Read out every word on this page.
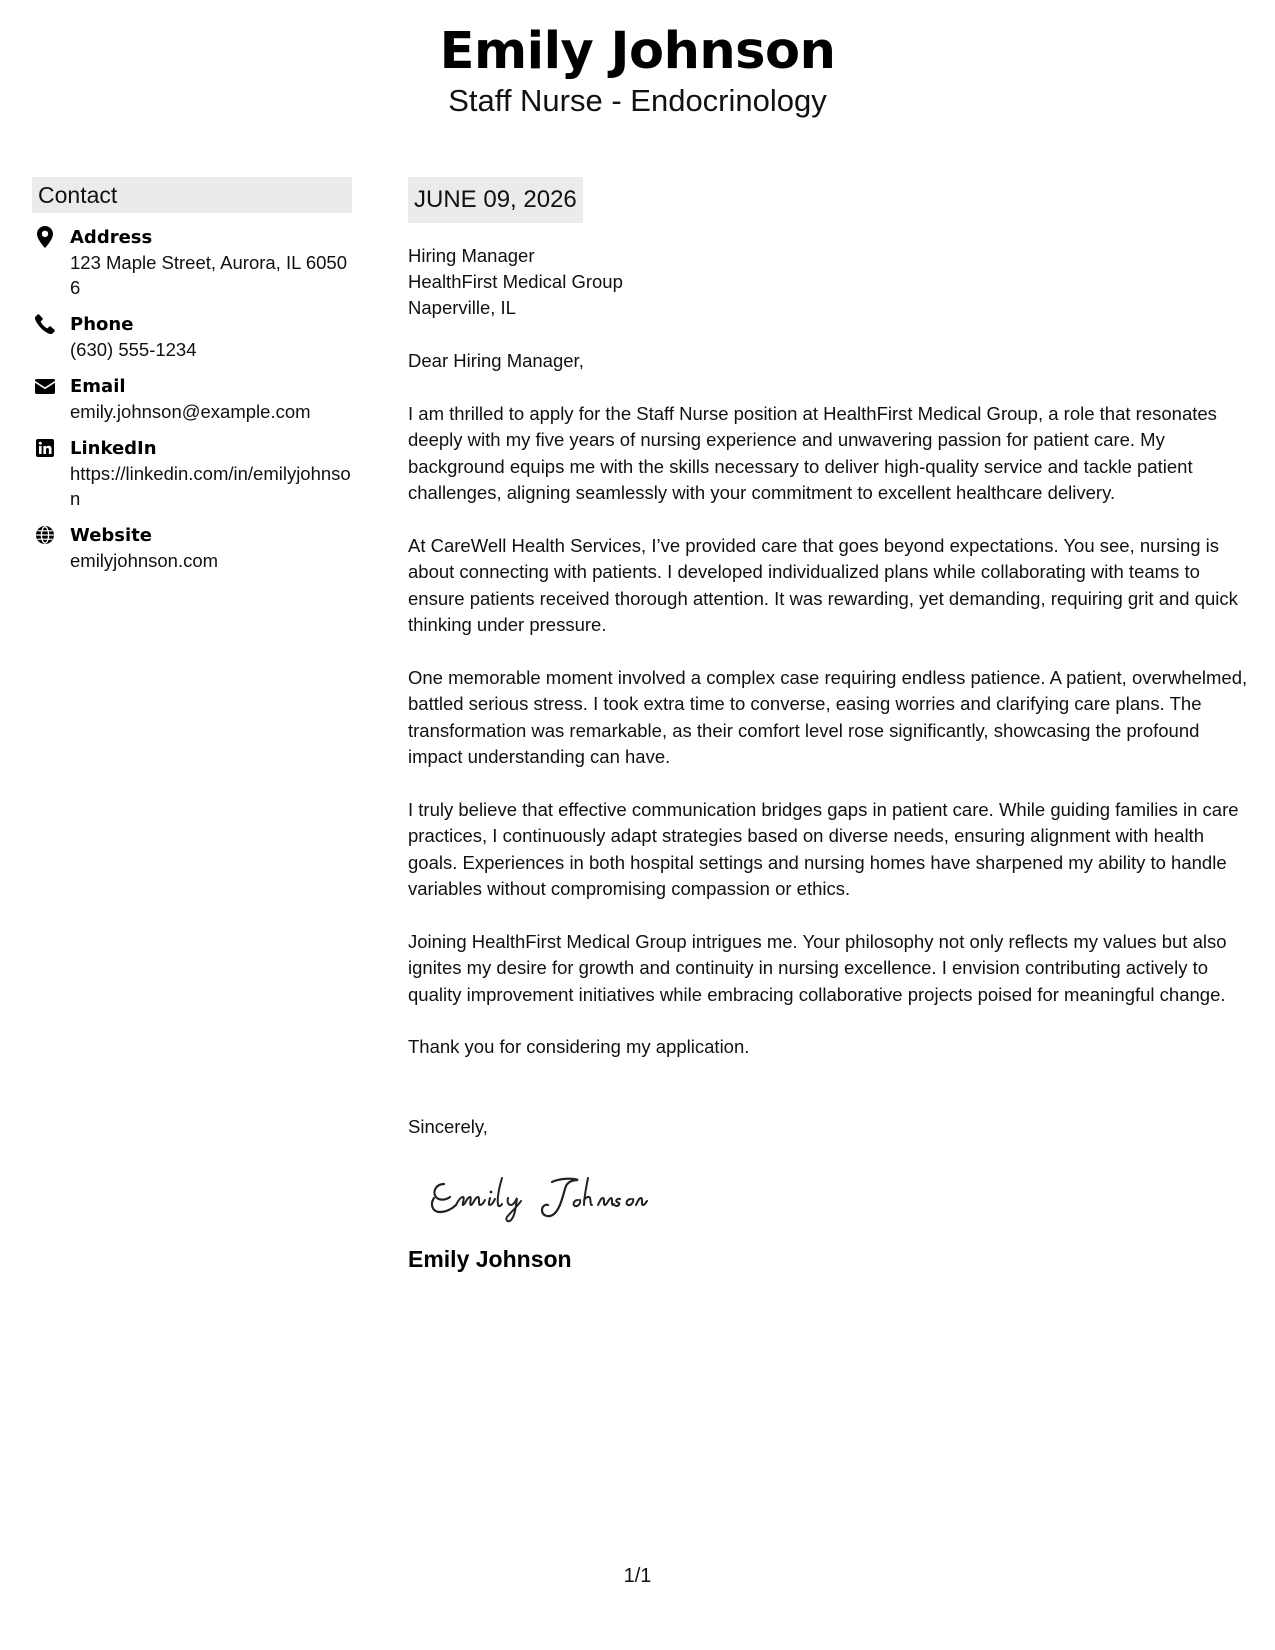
Emily Johnson
Staff Nurse - Endocrinology
Contact
Address
123 Maple Street, Aurora, IL 60506
Phone
(630) 555-1234
Email
emily.johnson@example.com
LinkedIn
https://linkedin.com/in/emilyjohnson
Website
emilyjohnson.com
JUNE 09, 2026
Hiring Manager
HealthFirst Medical Group
Naperville, IL
Dear Hiring Manager,
I am thrilled to apply for the Staff Nurse position at HealthFirst Medical Group, a role that resonates deeply with my five years of nursing experience and unwavering passion for patient care. My background equips me with the skills necessary to deliver high-quality service and tackle patient challenges, aligning seamlessly with your commitment to excellent healthcare delivery.
At CareWell Health Services, I’ve provided care that goes beyond expectations. You see, nursing is about connecting with patients. I developed individualized plans while collaborating with teams to ensure patients received thorough attention. It was rewarding, yet demanding, requiring grit and quick thinking under pressure.
One memorable moment involved a complex case requiring endless patience. A patient, overwhelmed, battled serious stress. I took extra time to converse, easing worries and clarifying care plans. The transformation was remarkable, as their comfort level rose significantly, showcasing the profound impact understanding can have.
I truly believe that effective communication bridges gaps in patient care. While guiding families in care practices, I continuously adapt strategies based on diverse needs, ensuring alignment with health goals. Experiences in both hospital settings and nursing homes have sharpened my ability to handle variables without compromising compassion or ethics.
Joining HealthFirst Medical Group intrigues me. Your philosophy not only reflects my values but also ignites my desire for growth and continuity in nursing excellence. I envision contributing actively to quality improvement initiatives while embracing collaborative projects poised for meaningful change.
Thank you for considering my application.
Sincerely,
Emily Johnson
1/1
